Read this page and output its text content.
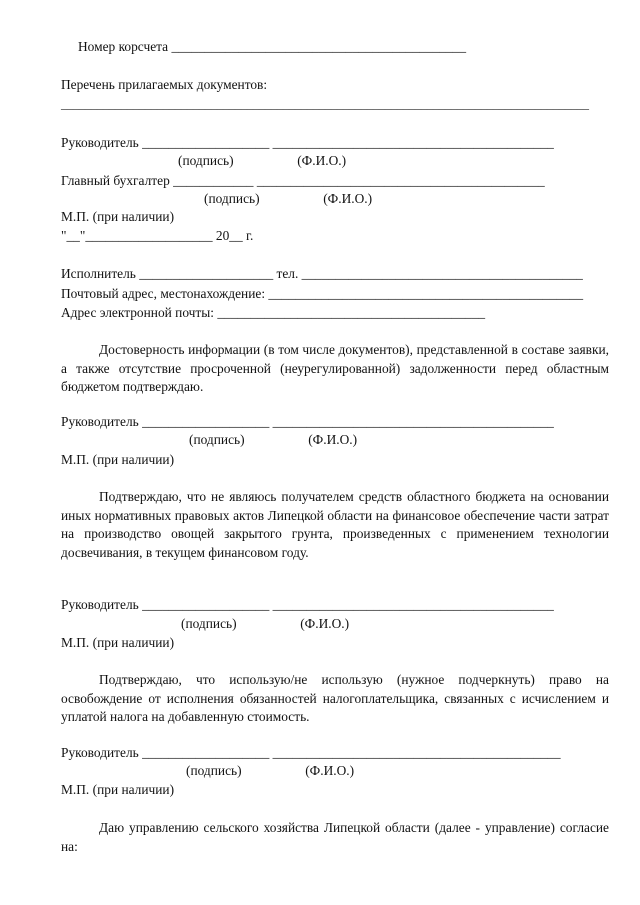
Номер корсчета ____________________________________________
Перечень прилагаемых документов:
________________________________________________________________________________________
Руководитель ___________________ __________________________________________
(подпись)                   (Ф.И.О.)
Главный бухгалтер ____________ ___________________________________________
(подпись)                   (Ф.И.О.)
М.П. (при наличии)
"__"___________________ 20__ г.
Исполнитель ____________________ тел. __________________________________________
Почтовый адрес, местонахождение: _______________________________________________
Адрес электронной почты: ________________________________________

Достоверность информации (в том числе документов), представленной в составе заявки, а также отсутствие просроченной (неурегулированной) задолженности перед областным бюджетом подтверждаю.

Руководитель ___________________ __________________________________________
(подпись)                   (Ф.И.О.)
М.П. (при наличии)

Подтверждаю, что не являюсь получателем средств областного бюджета на основании иных нормативных правовых актов Липецкой области на финансовое обеспечение части затрат на производство овощей закрытого грунта, произведенных с применением технологии досвечивания, в текущем финансовом году.

Руководитель ___________________ __________________________________________
(подпись)                   (Ф.И.О.)
М.П. (при наличии)

Подтверждаю, что использую/не использую (нужное подчеркнуть) право на освобождение от исполнения обязанностей налогоплательщика, связанных с исчислением и уплатой налога на добавленную стоимость.

Руководитель ___________________ ___________________________________________
(подпись)                   (Ф.И.О.)
М.П. (при наличии)

Даю управлению сельского хозяйства Липецкой области (далее - управление) согласие на:
